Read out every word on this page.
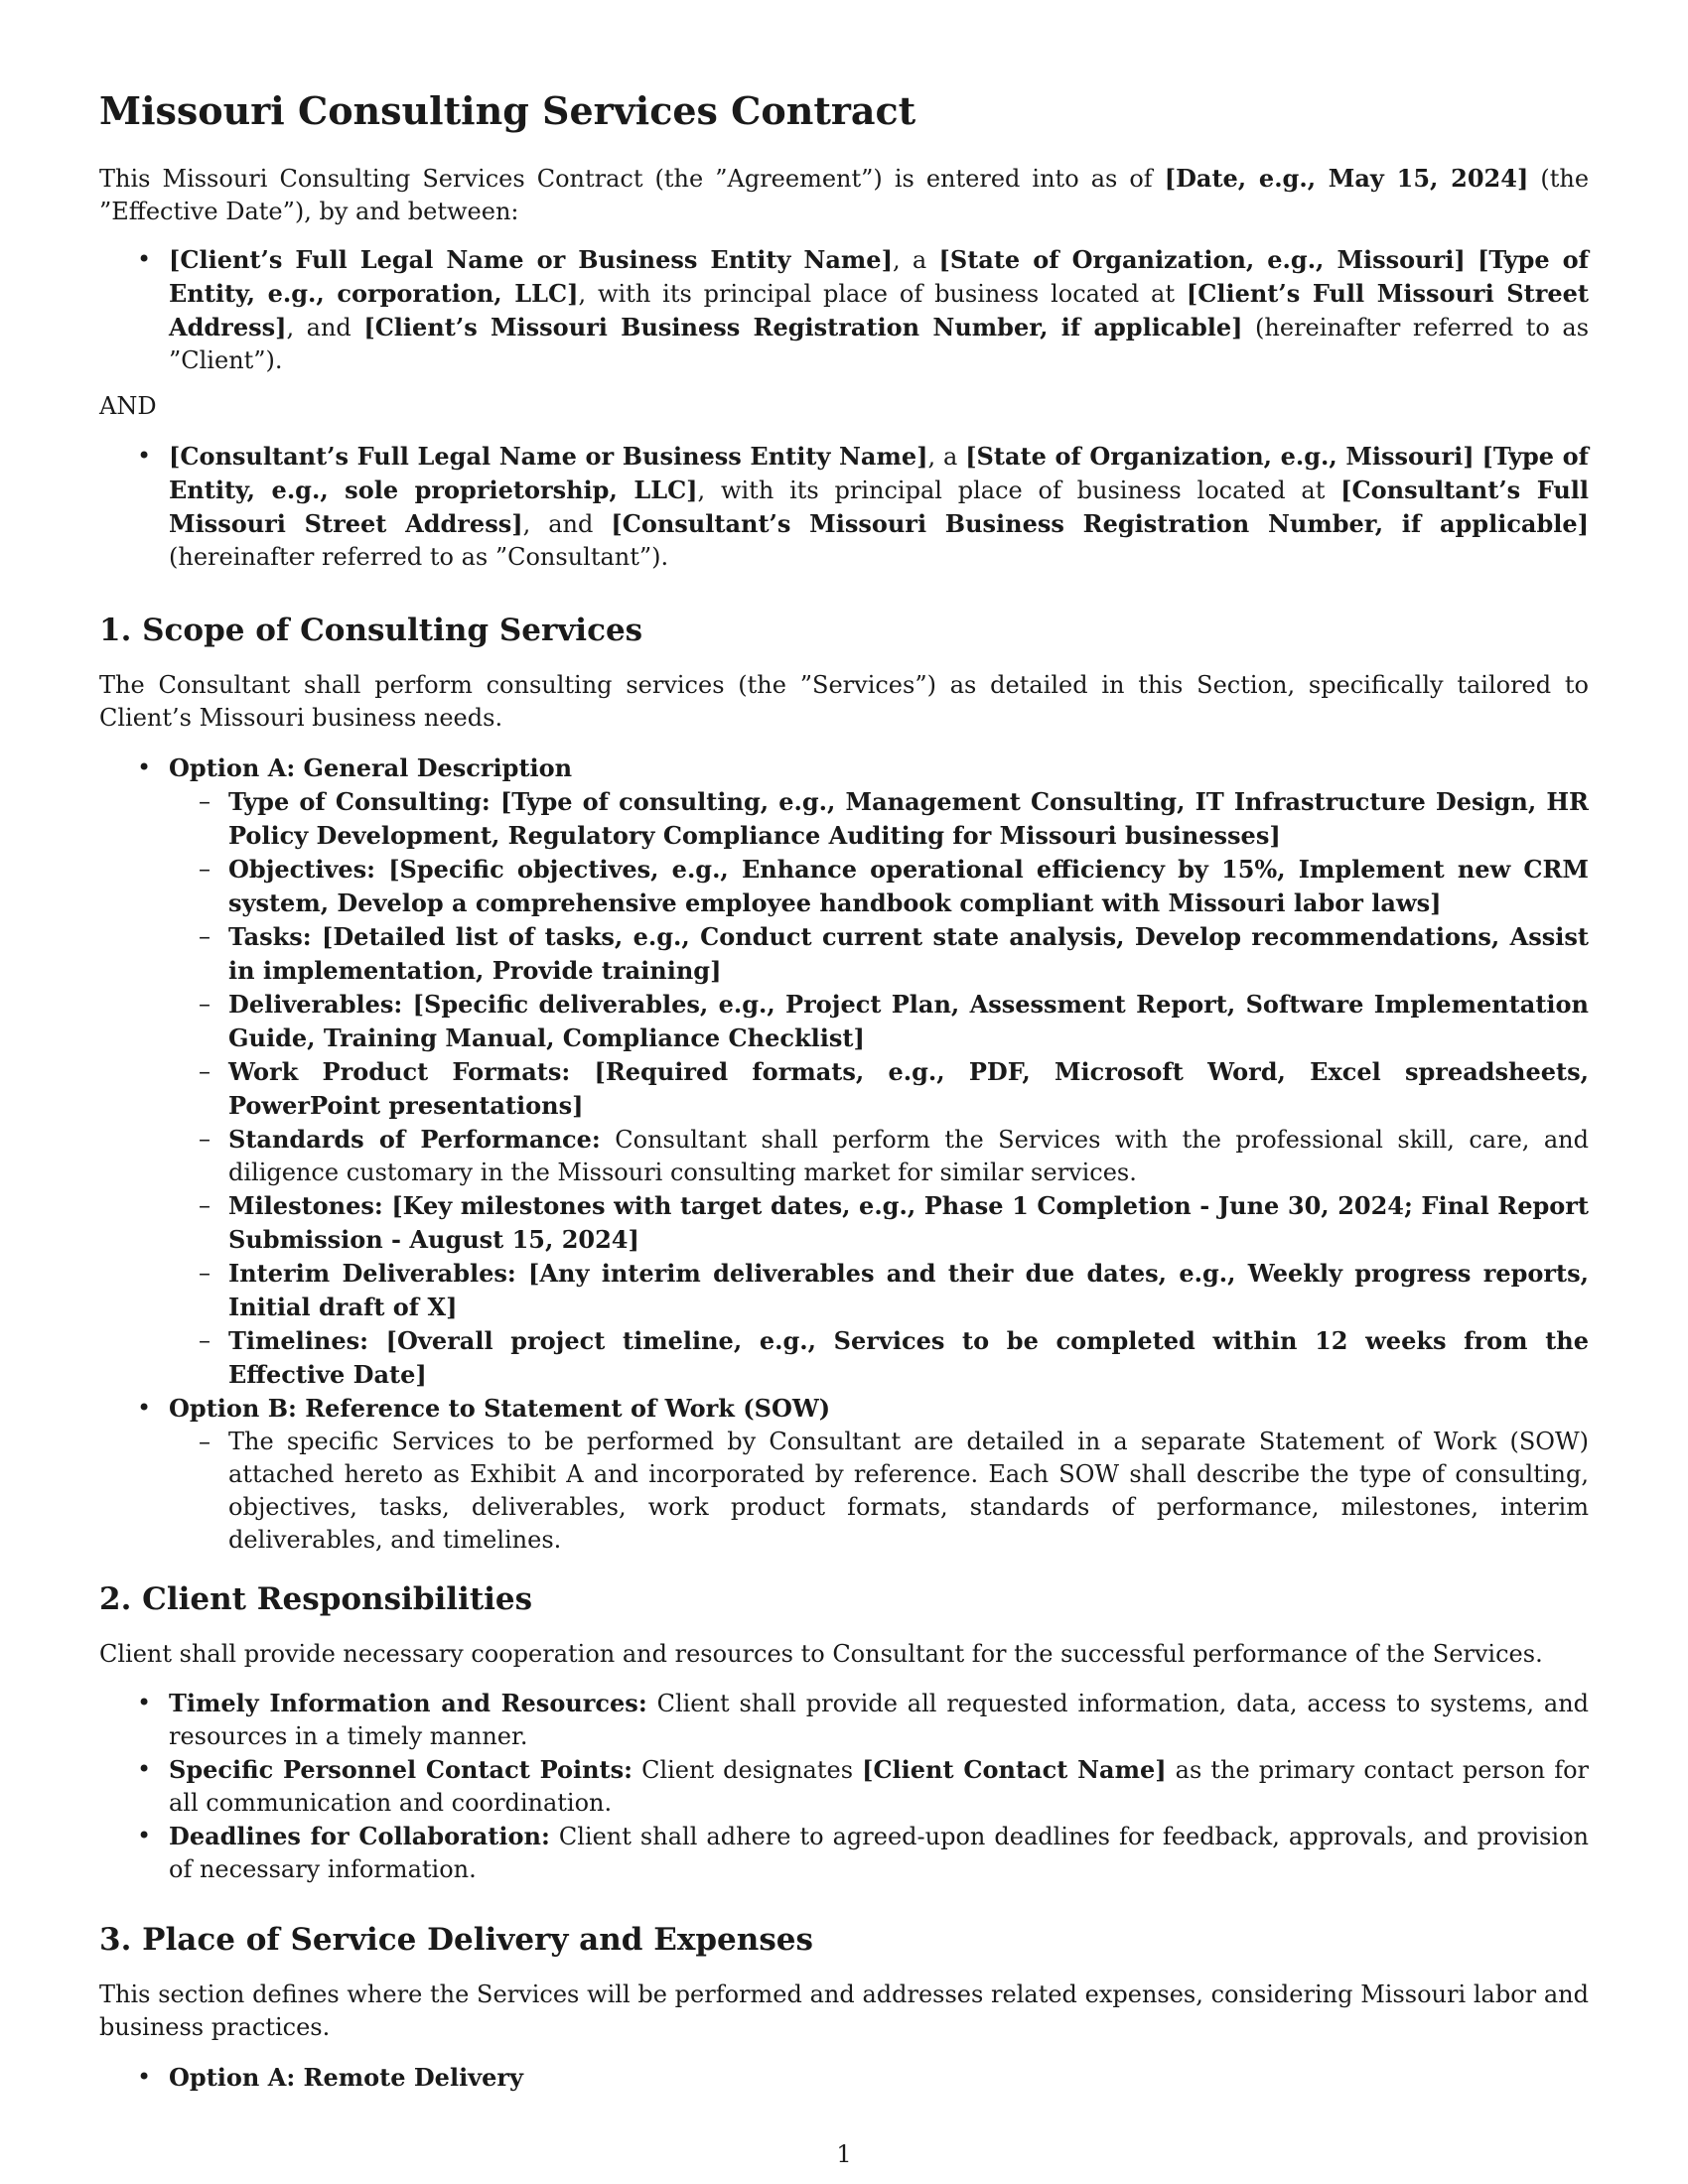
Missouri Consulting Services Contract

This Missouri Consulting Services Contract (the ”Agreement”) is entered into as of [Date, e.g., May 15, 2024] (the ”Effective Date”), by and between:

• [Client’s Full Legal Name or Business Entity Name], a [State of Organization, e.g., Missouri] [Type of Entity, e.g., corporation, LLC], with its principal place of business located at [Client’s Full Missouri Street Address], and [Client’s Missouri Business Registration Number, if applicable] (hereinafter referred to as ”Client”).

AND

• [Consultant’s Full Legal Name or Business Entity Name], a [State of Organization, e.g., Missouri] [Type of Entity, e.g., sole proprietorship, LLC], with its principal place of business located at [Consultant’s Full Missouri Street Address], and [Consultant’s Missouri Business Registration Number, if applicable] (hereinafter referred to as ”Consultant”).
1. Scope of Consulting Services

The Consultant shall perform consulting services (the ”Services”) as detailed in this Section, specifically tailored to Client’s Missouri business needs.

• Option A: General Description
– Type of Consulting: [Type of consulting, e.g., Management Consulting, IT Infrastructure Design, HR Policy Development, Regulatory Compliance Auditing for Missouri businesses]
– Objectives: [Specific objectives, e.g., Enhance operational efficiency by 15%, Implement new CRM system, Develop a comprehensive employee handbook compliant with Missouri labor laws]
– Tasks: [Detailed list of tasks, e.g., Conduct current state analysis, Develop recommendations, Assist in implementation, Provide training]
– Deliverables: [Specific deliverables, e.g., Project Plan, Assessment Report, Software Implementation Guide, Training Manual, Compliance Checklist]
– Work Product Formats: [Required formats, e.g., PDF, Microsoft Word, Excel spreadsheets, PowerPoint presentations]
– Standards of Performance: Consultant shall perform the Services with the professional skill, care, and diligence customary in the Missouri consulting market for similar services.
– Milestones: [Key milestones with target dates, e.g., Phase 1 Completion - June 30, 2024; Final Report Submission - August 15, 2024]
– Interim Deliverables: [Any interim deliverables and their due dates, e.g., Weekly progress reports, Initial draft of X]
– Timelines: [Overall project timeline, e.g., Services to be completed within 12 weeks from the Effective Date]
• Option B: Reference to Statement of Work (SOW)
– The specific Services to be performed by Consultant are detailed in a separate Statement of Work (SOW) attached hereto as Exhibit A and incorporated by reference. Each SOW shall describe the type of consulting, objectives, tasks, deliverables, work product formats, standards of performance, milestones, interim deliverables, and timelines.
2. Client Responsibilities

Client shall provide necessary cooperation and resources to Consultant for the successful performance of the Services.

• Timely Information and Resources: Client shall provide all requested information, data, access to systems, and resources in a timely manner.
• Specific Personnel Contact Points: Client designates [Client Contact Name] as the primary contact person for all communication and coordination.
• Deadlines for Collaboration: Client shall adhere to agreed-upon deadlines for feedback, approvals, and provision of necessary information.
3. Place of Service Delivery and Expenses

This section defines where the Services will be performed and addresses related expenses, considering Missouri labor and business practices.

• Option A: Remote Delivery
1
